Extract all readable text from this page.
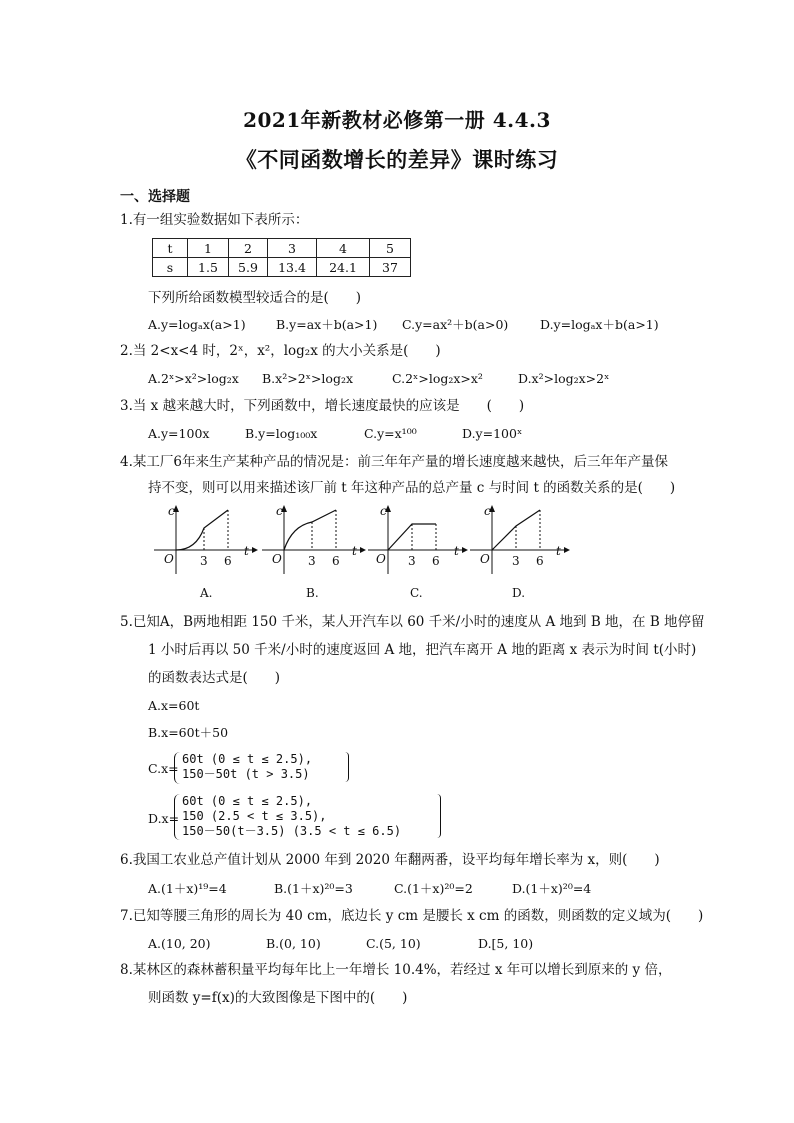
2021年新教材必修第一册 4.4.3
《不同函数增长的差异》课时练习
一、选择题
1.有一组实验数据如下表所示：
t	1	2	3	4	5
s	1.5	5.9	13.4	24.1	37
下列所给函数模型较适合的是(　　)
A.y=logₐx(a>1) B.y=ax＋b(a>1) C.y=ax²＋b(a>0)	D.y=logₐx＋b(a>1)
2.当 2<x<4 时，2ˣ，x²，log₂x 的大小关系是(　　)
A.2ˣ>x²>log₂x B.x²>2ˣ>log₂x	C.2ˣ>log₂x>x²	D.x²>log₂x>2ˣ
3.当 x 越来越大时，下列函数中，增长速度最快的应该是　　(　　)
A.y=100x	B.y=log₁₀₀x	C.y=x¹⁰⁰	D.y=100ˣ
4.某工厂6年来生产某种产品的情况是：前三年年产量的增长速度越来越快，后三年年产量保
持不变，则可以用来描述该厂前 t 年这种产品的总产量 c 与时间 t 的函数关系的是(　　)
c
t
O 3 6
A.
c
t
O 3 6
B.
c
t
O 3 6
C.
c
t
O 3 6
D.
5.已知A，B两地相距 150 千米，某人开汽车以 60 千米/小时的速度从 A 地到 B 地，在 B 地停留
1 小时后再以 50 千米/小时的速度返回 A 地，把汽车离开 A 地的距离 x 表示为时间 t(小时)
的函数表达式是(　　)
A.x=60t
B.x=60t＋50
C.x=
60t (0 ≤ t ≤ 2.5),
150－50t (t > 3.5)
D.x=
60t (0 ≤ t ≤ 2.5),
150 (2.5 < t ≤ 3.5),
150－50(t－3.5) (3.5 < t ≤ 6.5)
6.我国工农业总产值计划从 2000 年到 2020 年翻两番，设平均每年增长率为 x，则(　　)
A.(1＋x)¹⁹=4	B.(1＋x)²⁰=3	C.(1＋x)²⁰=2	D.(1＋x)²⁰=4
7.已知等腰三角形的周长为 40 cm，底边长 y cm 是腰长 x cm 的函数，则函数的定义域为(　　)
A.(10, 20)	B.(0, 10)	C.(5, 10)	D.[5, 10)
8.某林区的森林蓄积量平均每年比上一年增长 10.4%，若经过 x 年可以增长到原来的 y 倍，
则函数 y=f(x)的大致图像是下图中的(　　)
